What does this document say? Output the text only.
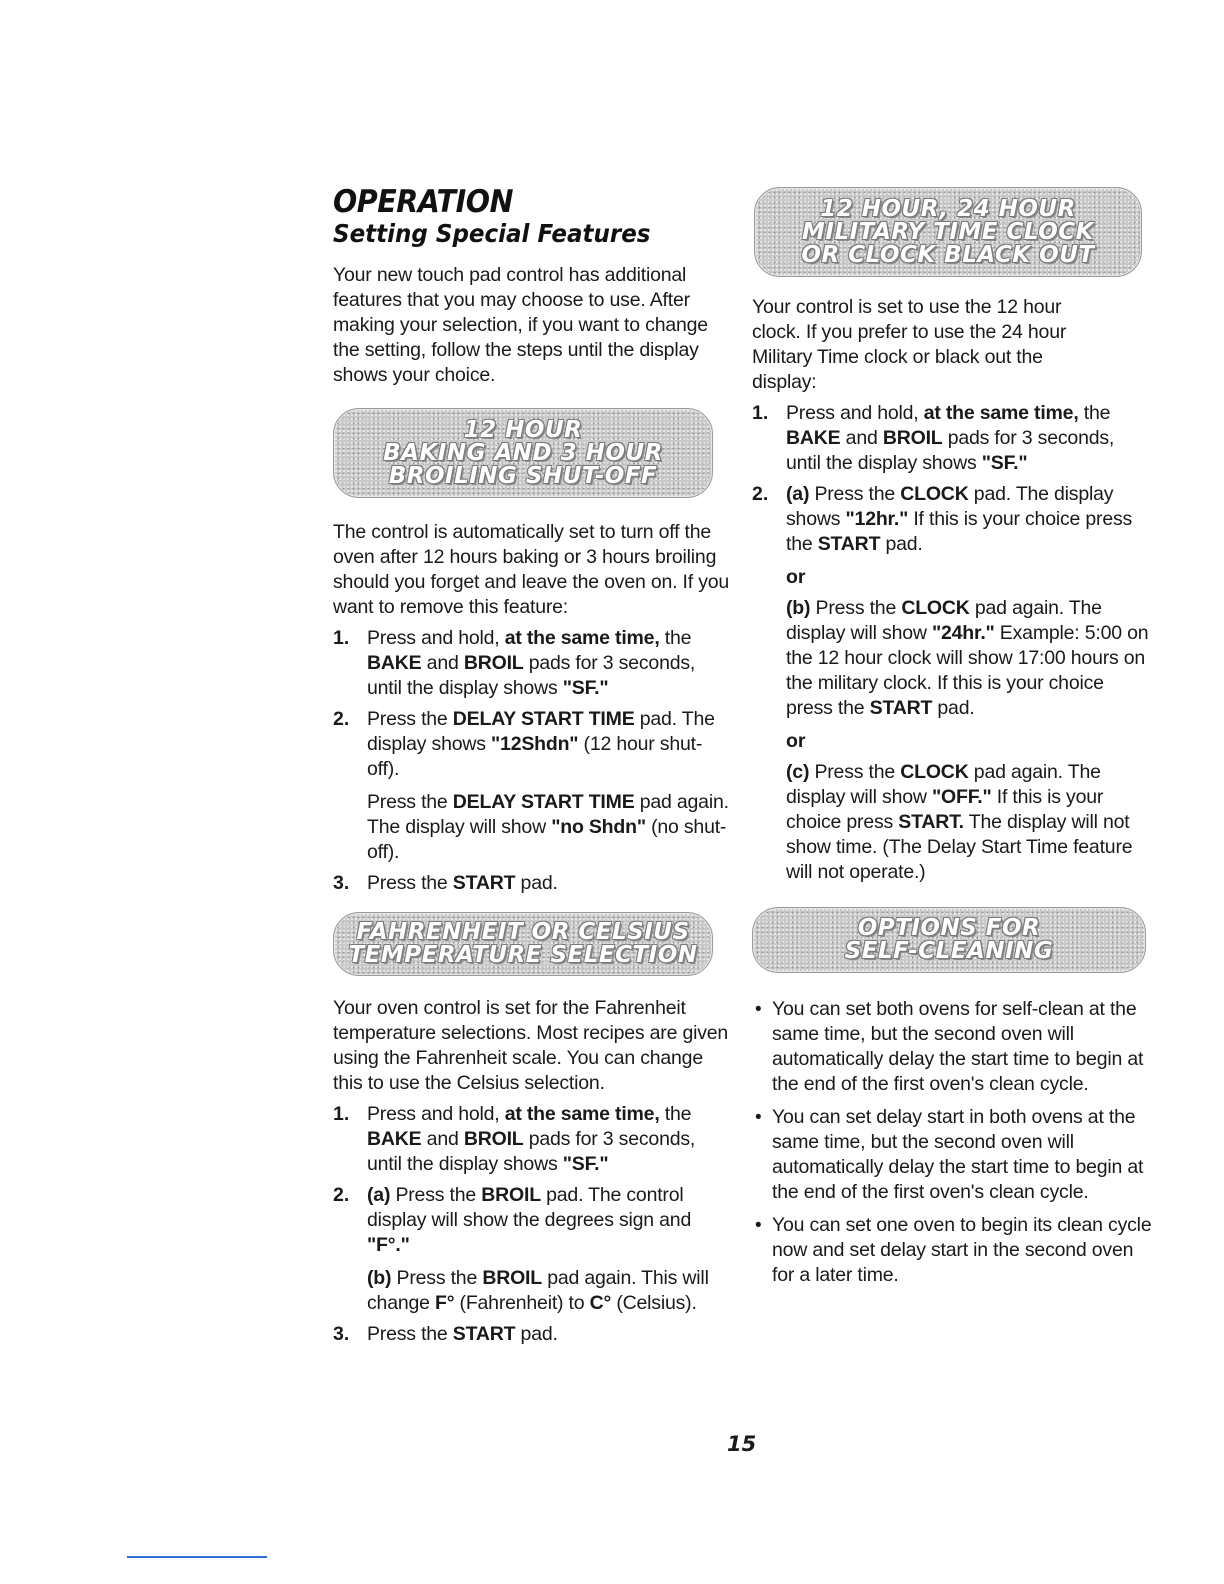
OPERATION
Setting Special Features

Your new touch pad control has additional features that you may choose to use. After making your selection, if you want to change the setting, follow the steps until the display shows your choice.

12 HOUR
BAKING AND 3 HOUR
BROILING SHUT-OFF

The control is automatically set to turn off the oven after 12 hours baking or 3 hours broiling should you forget and leave the oven on. If you want to remove this feature:

1. Press and hold, at the same time, the BAKE and BROIL pads for 3 seconds, until the display shows "SF."
2. Press the DELAY START TIME pad. The display shows "12Shdn" (12 hour shut-off).
Press the DELAY START TIME pad again. The display will show "no Shdn" (no shut-off).
3. Press the START pad.
FAHRENHEIT OR CELSIUS
TEMPERATURE SELECTION

Your oven control is set for the Fahrenheit temperature selections. Most recipes are given using the Fahrenheit scale. You can change this to use the Celsius selection.

1. Press and hold, at the same time, the BAKE and BROIL pads for 3 seconds, until the display shows "SF."
2. (a) Press the BROIL pad. The control display will show the degrees sign and "F°."
(b) Press the BROIL pad again. This will change F° (Fahrenheit) to C° (Celsius).
3. Press the START pad.
12 HOUR, 24 HOUR
MILITARY TIME CLOCK
OR CLOCK BLACK OUT

Your control is set to use the 12 hour clock. If you prefer to use the 24 hour Military Time clock or black out the display:

1. Press and hold, at the same time, the BAKE and BROIL pads for 3 seconds, until the display shows "SF."
2. (a) Press the CLOCK pad. The display shows "12hr." If this is your choice press the START pad.
or
(b) Press the CLOCK pad again. The display will show "24hr." Example: 5:00 on the 12 hour clock will show 17:00 hours on the military clock. If this is your choice press the START pad.
or
(c) Press the CLOCK pad again. The display will show "OFF." If this is your choice press START. The display will not show time. (The Delay Start Time feature will not operate.)
OPTIONS FOR
SELF-CLEANING
• You can set both ovens for self-clean at the same time, but the second oven will automatically delay the start time to begin at the end of the first oven's clean cycle.
• You can set delay start in both ovens at the same time, but the second oven will automatically delay the start time to begin at the end of the first oven's clean cycle.
• You can set one oven to begin its clean cycle now and set delay start in the second oven for a later time.
15
